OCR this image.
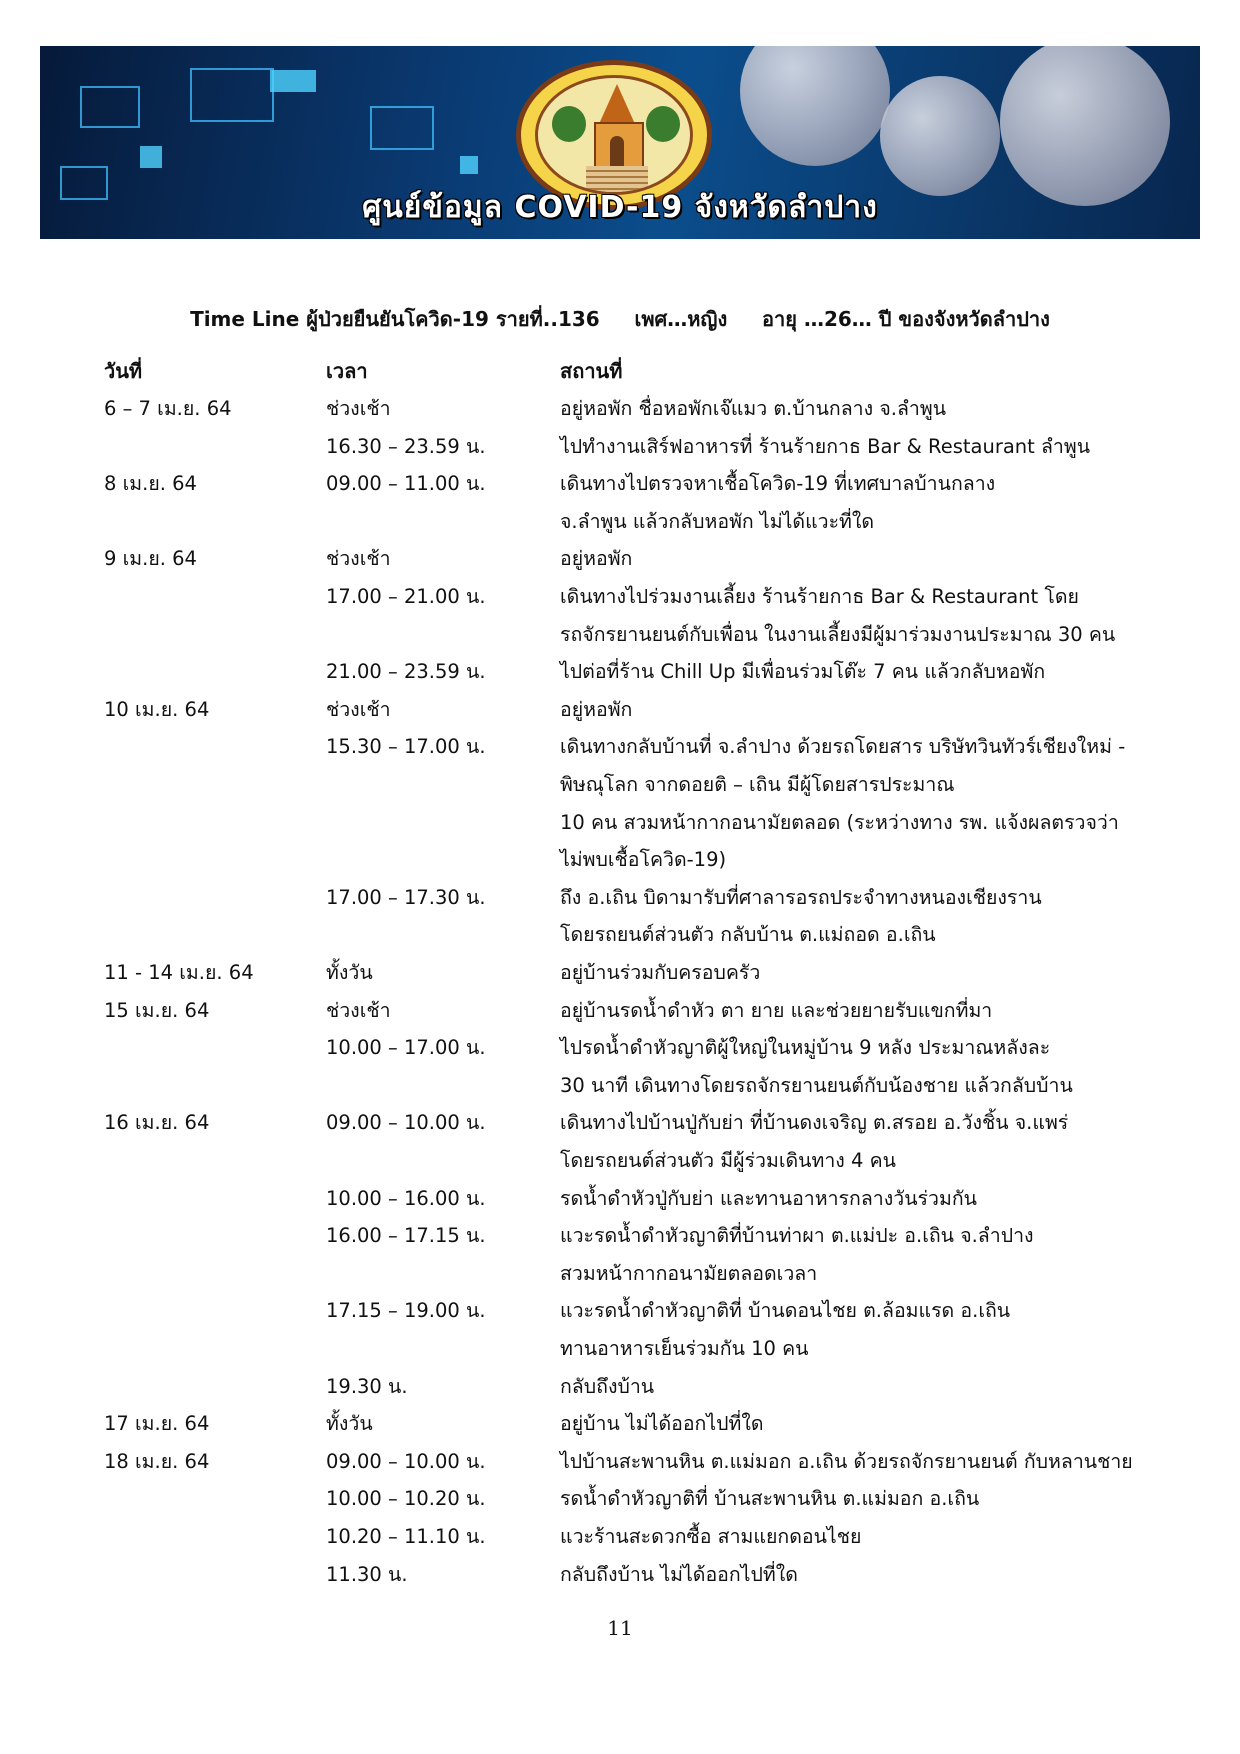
ศูนย์ข้อมูล COVID-19 จังหวัดลำปาง
Time Line ผู้ป่วยยืนยันโควิด-19 รายที่..136     เพศ…หญิง     อายุ …26… ปี ของจังหวัดลำปาง
วันที่	เวลา	สถานที่
6 – 7 เม.ย. 64	ช่วงเช้า	อยู่หอพัก ชื่อหอพักเจ๊แมว ต.บ้านกลาง จ.ลำพูน
16.30 – 23.59 น.	ไปทำงานเสิร์ฟอาหารที่ ร้านร้ายกาธ Bar & Restaurant ลำพูน
8 เม.ย. 64	09.00 – 11.00 น.	เดินทางไปตรวจหาเชื้อโควิด-19 ที่เทศบาลบ้านกลาง
จ.ลำพูน แล้วกลับหอพัก ไม่ได้แวะที่ใด
9 เม.ย. 64	ช่วงเช้า	อยู่หอพัก
17.00 – 21.00 น.	เดินทางไปร่วมงานเลี้ยง ร้านร้ายกาธ Bar & Restaurant โดย
รถจักรยานยนต์กับเพื่อน ในงานเลี้ยงมีผู้มาร่วมงานประมาณ 30 คน
21.00 – 23.59 น.	ไปต่อที่ร้าน Chill Up มีเพื่อนร่วมโต๊ะ 7 คน แล้วกลับหอพัก
10 เม.ย. 64	ช่วงเช้า	อยู่หอพัก
15.30 – 17.00 น.	เดินทางกลับบ้านที่ จ.ลำปาง ด้วยรถโดยสาร บริษัทวินทัวร์เชียงใหม่ -
พิษณุโลก จากดอยติ – เถิน มีผู้โดยสารประมาณ
10 คน สวมหน้ากากอนามัยตลอด (ระหว่างทาง รพ. แจ้งผลตรวจว่า
ไม่พบเชื้อโควิด-19)
17.00 – 17.30 น.	ถึง อ.เถิน บิดามารับที่ศาลารอรถประจำทางหนองเชียงราน
โดยรถยนต์ส่วนตัว กลับบ้าน ต.แม่ถอด อ.เถิน
11 - 14 เม.ย. 64	ทั้งวัน	อยู่บ้านร่วมกับครอบครัว
15 เม.ย. 64	ช่วงเช้า	อยู่บ้านรดน้ำดำหัว ตา ยาย และช่วยยายรับแขกที่มา
10.00 – 17.00 น.	ไปรดน้ำดำหัวญาติผู้ใหญ่ในหมู่บ้าน 9 หลัง ประมาณหลังละ
30 นาที เดินทางโดยรถจักรยานยนต์กับน้องชาย แล้วกลับบ้าน
16 เม.ย. 64	09.00 – 10.00 น.	เดินทางไปบ้านปู่กับย่า ที่บ้านดงเจริญ ต.สรอย อ.วังชิ้น จ.แพร่
โดยรถยนต์ส่วนตัว มีผู้ร่วมเดินทาง 4 คน
10.00 – 16.00 น.	รดน้ำดำหัวปู่กับย่า และทานอาหารกลางวันร่วมกัน
16.00 – 17.15 น.	แวะรดน้ำดำหัวญาติที่บ้านท่าผา ต.แม่ปะ อ.เถิน จ.ลำปาง
สวมหน้ากากอนามัยตลอดเวลา
17.15 – 19.00 น.	แวะรดน้ำดำหัวญาติที่ บ้านดอนไชย ต.ล้อมแรด อ.เถิน
ทานอาหารเย็นร่วมกัน 10 คน
19.30 น.	กลับถึงบ้าน
17 เม.ย. 64	ทั้งวัน	อยู่บ้าน ไม่ได้ออกไปที่ใด
18 เม.ย. 64	09.00 – 10.00 น.	ไปบ้านสะพานหิน ต.แม่มอก อ.เถิน ด้วยรถจักรยานยนต์ กับหลานชาย
10.00 – 10.20 น.	รดน้ำดำหัวญาติที่ บ้านสะพานหิน ต.แม่มอก อ.เถิน
10.20 – 11.10 น.	แวะร้านสะดวกซื้อ สามแยกดอนไชย
11.30 น.	กลับถึงบ้าน ไม่ได้ออกไปที่ใด
11
